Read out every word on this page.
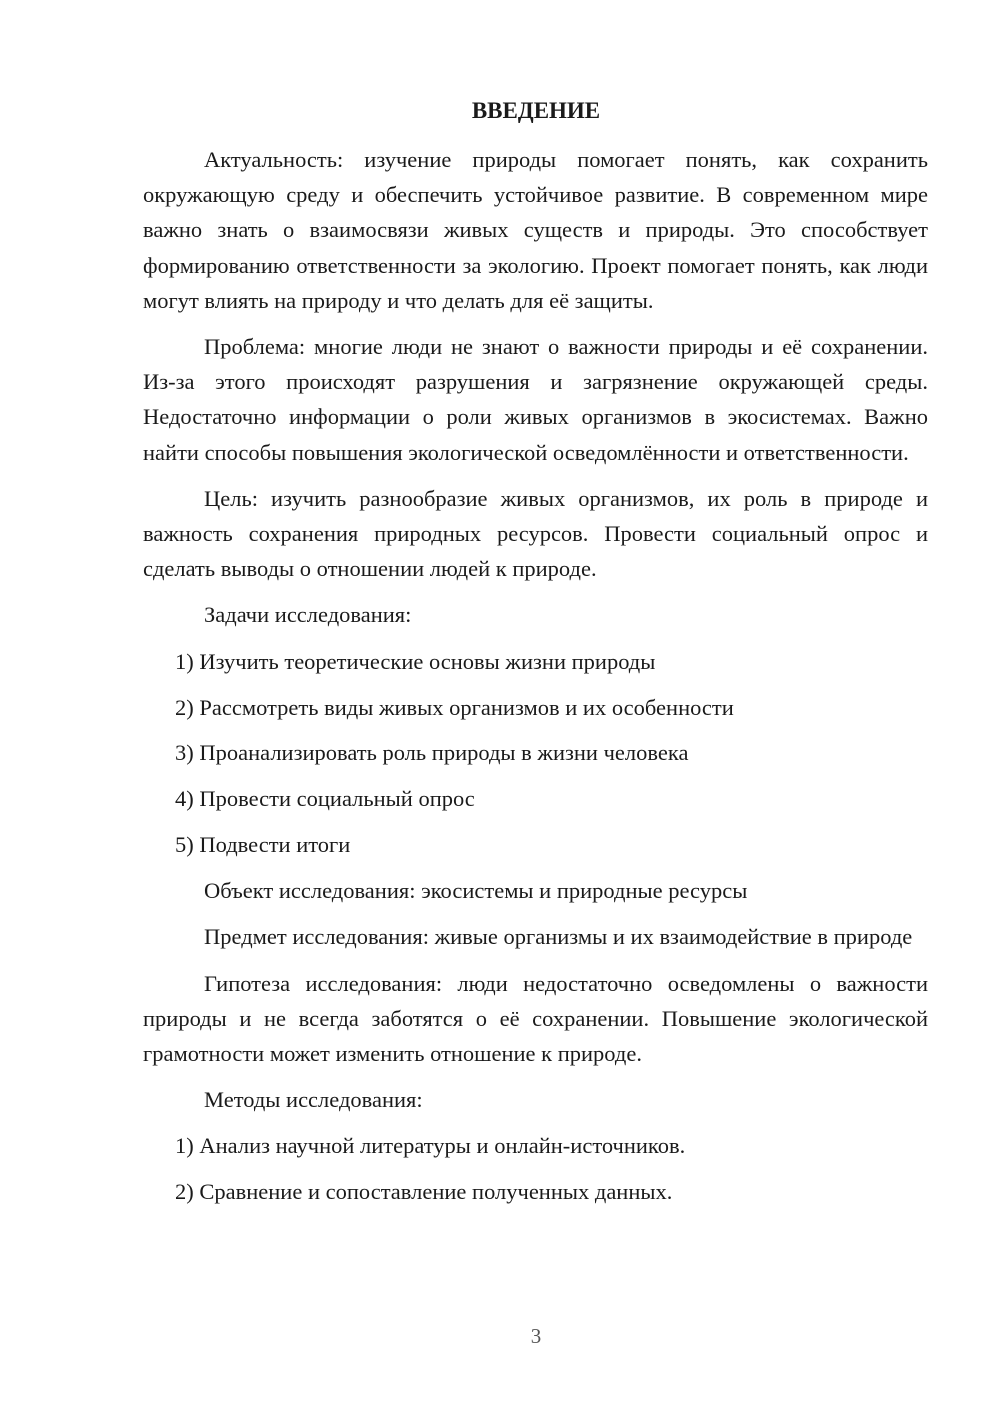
ВВЕДЕНИЕ

Актуальность: изучение природы помогает понять, как сохранить окружающую среду и обеспечить устойчивое развитие. В современном мире важно знать о взаимосвязи живых существ и природы. Это способствует формированию ответственности за экологию. Проект помогает понять, как люди могут влиять на природу и что делать для её защиты.

Проблема: многие люди не знают о важности природы и её сохранении. Из-за этого происходят разрушения и загрязнение окружающей среды. Недостаточно информации о роли живых организмов в экосистемах. Важно найти способы повышения экологической осведомлённости и ответственности.

Цель: изучить разнообразие живых организмов, их роль в природе и важность сохранения природных ресурсов. Провести социальный опрос и сделать выводы о отношении людей к природе.

Задачи исследования:

1) Изучить теоретические основы жизни природы

2) Рассмотреть виды живых организмов и их особенности

3) Проанализировать роль природы в жизни человека

4) Провести социальный опрос

5) Подвести итоги

Объект исследования: экосистемы и природные ресурсы

Предмет исследования: живые организмы и их взаимодействие в природе

Гипотеза исследования: люди недостаточно осведомлены о важности природы и не всегда заботятся о её сохранении. Повышение экологической грамотности может изменить отношение к природе.

Методы исследования:

1) Анализ научной литературы и онлайн-источников.

2) Сравнение и сопоставление полученных данных.

3
